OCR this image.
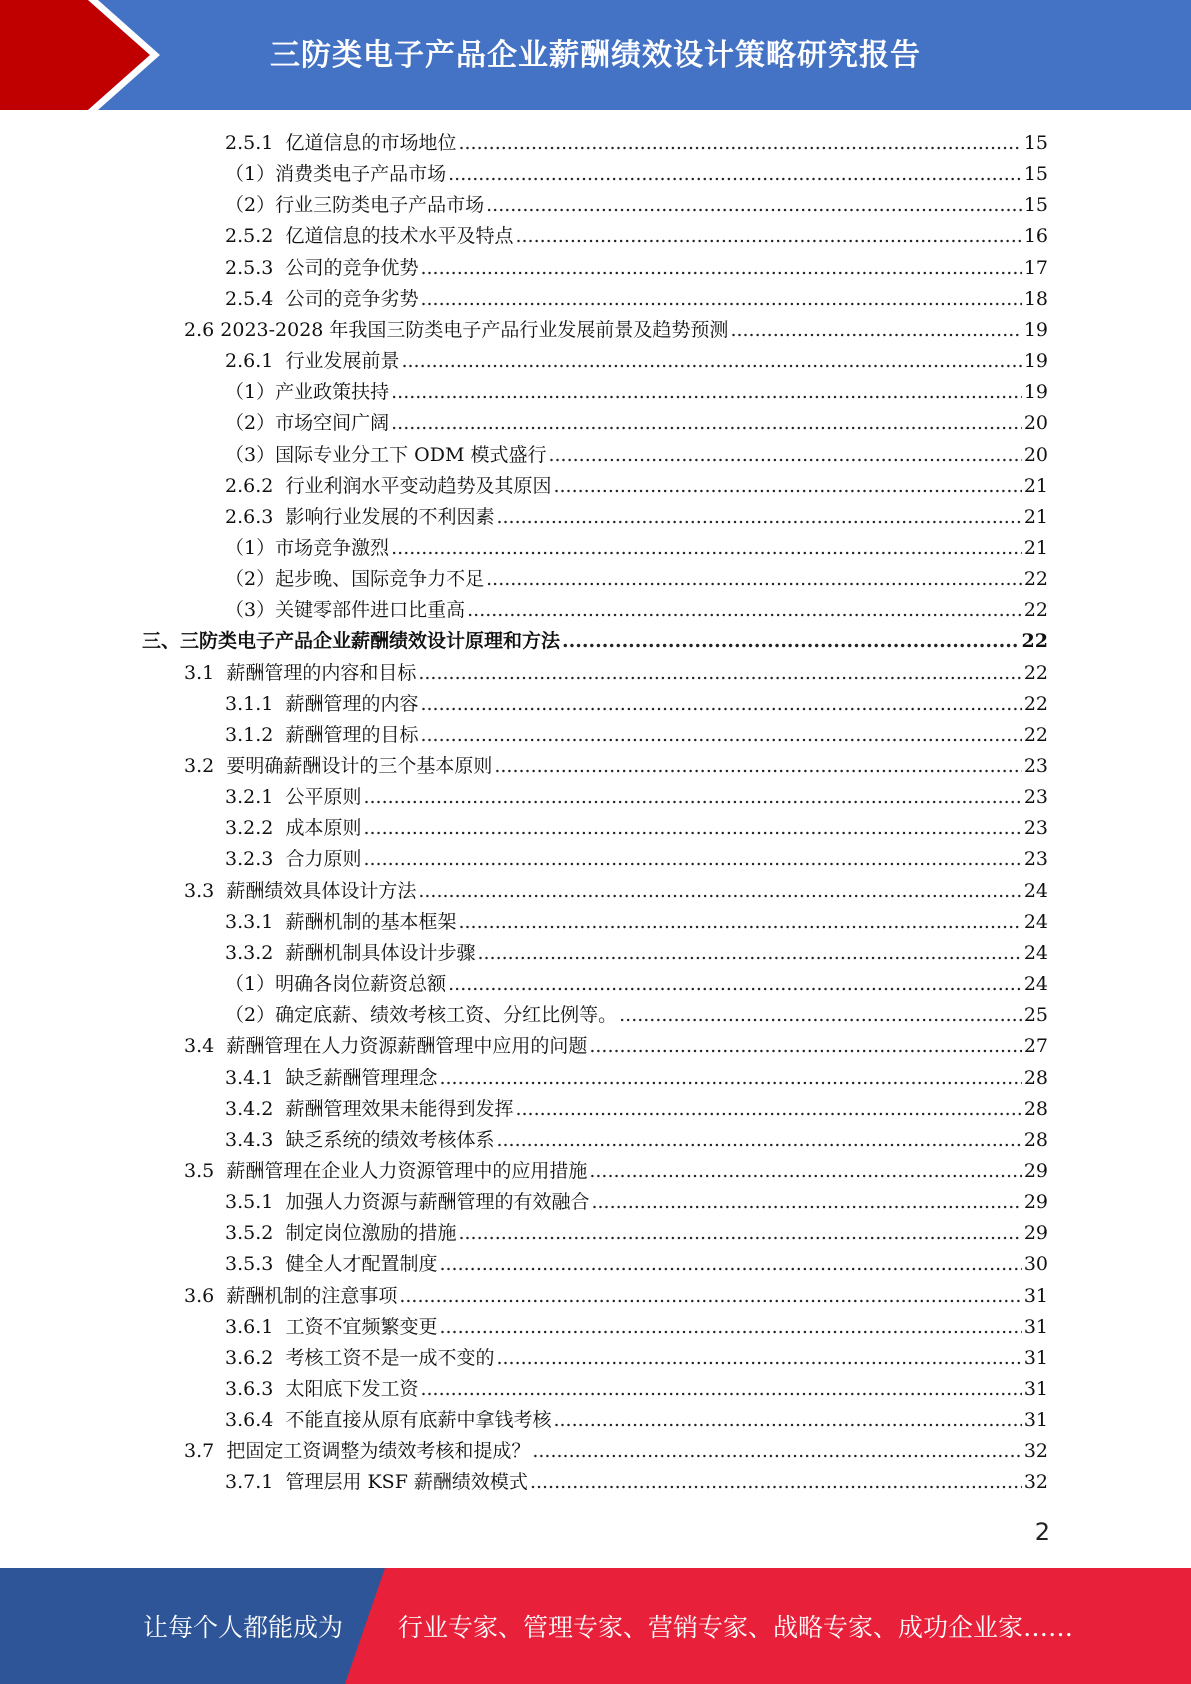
三防类电子产品企业薪酬绩效设计策略研究报告
2.5.1 亿道信息的市场地位 .....	15
（1）消费类电子产品市场 .....	15
（2）行业三防类电子产品市场 .....	15
2.5.2 亿道信息的技术水平及特点 .....	16
2.5.3 公司的竞争优势 .....	17
2.5.4 公司的竞争劣势 .....	18
2.6 2023-2028 年我国三防类电子产品行业发展前景及趋势预测 .....	19
2.6.1 行业发展前景 .....	19
（1）产业政策扶持 .....	19
（2）市场空间广阔 .....	20
（3）国际专业分工下 ODM 模式盛行 .....	20
2.6.2 行业利润水平变动趋势及其原因 .....	21
2.6.3 影响行业发展的不利因素 .....	21
（1）市场竞争激烈 .....	21
（2）起步晚、国际竞争力不足 .....	22
（3）关键零部件进口比重高 .....	22
三、三防类电子产品企业薪酬绩效设计原理和方法 .....	22
3.1 薪酬管理的内容和目标 .....	22
3.1.1 薪酬管理的内容 .....	22
3.1.2 薪酬管理的目标 .....	22
3.2 要明确薪酬设计的三个基本原则 .....	23
3.2.1 公平原则 .....	23
3.2.2 成本原则 .....	23
3.2.3 合力原则 .....	23
3.3 薪酬绩效具体设计方法 .....	24
3.3.1 薪酬机制的基本框架 .....	24
3.3.2 薪酬机制具体设计步骤 .....	24
（1）明确各岗位薪资总额 .....	24
（2）确定底薪、绩效考核工资、分红比例等。 .....	25
3.4 薪酬管理在人力资源薪酬管理中应用的问题 .....	27
3.4.1 缺乏薪酬管理理念 .....	28
3.4.2 薪酬管理效果未能得到发挥 .....	28
3.4.3 缺乏系统的绩效考核体系 .....	28
3.5 薪酬管理在企业人力资源管理中的应用措施 .....	29
3.5.1 加强人力资源与薪酬管理的有效融合 .....	29
3.5.2 制定岗位激励的措施 .....	29
3.5.3 健全人才配置制度 .....	30
3.6 薪酬机制的注意事项 .....	31
3.6.1 工资不宜频繁变更 .....	31
3.6.2 考核工资不是一成不变的 .....	31
3.6.3 太阳底下发工资 .....	31
3.6.4 不能直接从原有底薪中拿钱考核 .....	31
3.7 把固定工资调整为绩效考核和提成？ .....	32
3.7.1 管理层用 KSF 薪酬绩效模式 .....	32
2
让每个人都能成为 行业专家、管理专家、营销专家、战略专家、成功企业家……
